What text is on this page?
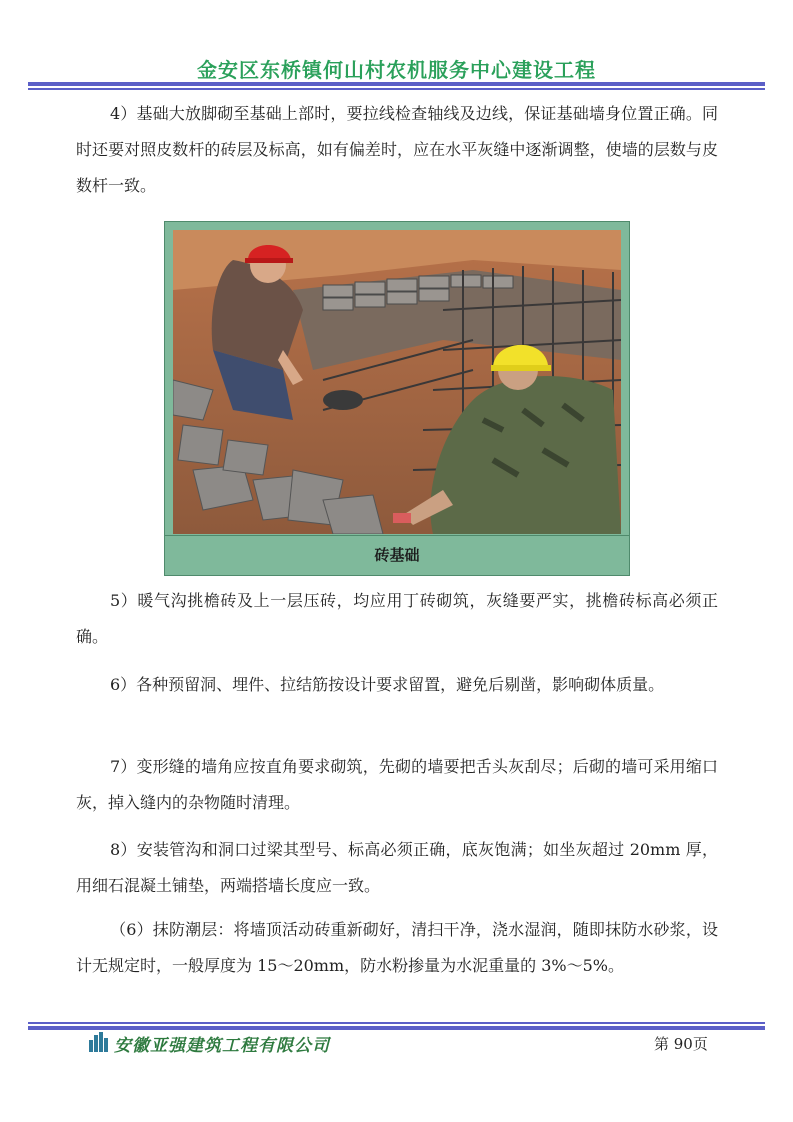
金安区东桥镇何山村农机服务中心建设工程

4）基础大放脚砌至基础上部时，要拉线检查轴线及边线，保证基础墙身位置正确。同时还要对照皮数杆的砖层及标高，如有偏差时，应在水平灰缝中逐渐调整，使墙的层数与皮数杆一致。

砖基础

5）暖气沟挑檐砖及上一层压砖，均应用丁砖砌筑，灰缝要严实，挑檐砖标高必须正确。

6）各种预留洞、埋件、拉结筋按设计要求留置，避免后剔凿，影响砌体质量。

7）变形缝的墙角应按直角要求砌筑，先砌的墙要把舌头灰刮尽；后砌的墙可采用缩口灰，掉入缝内的杂物随时清理。

8）安装管沟和洞口过梁其型号、标高必须正确，底灰饱满；如坐灰超过 20mm 厚，用细石混凝土铺垫，两端搭墙长度应一致。

（6）抹防潮层：将墙顶活动砖重新砌好，清扫干净，浇水湿润，随即抹防水砂浆，设计无规定时，一般厚度为 15～20mm，防水粉掺量为水泥重量的 3%～5%。

安徽亚强建筑工程有限公司	第 90页
